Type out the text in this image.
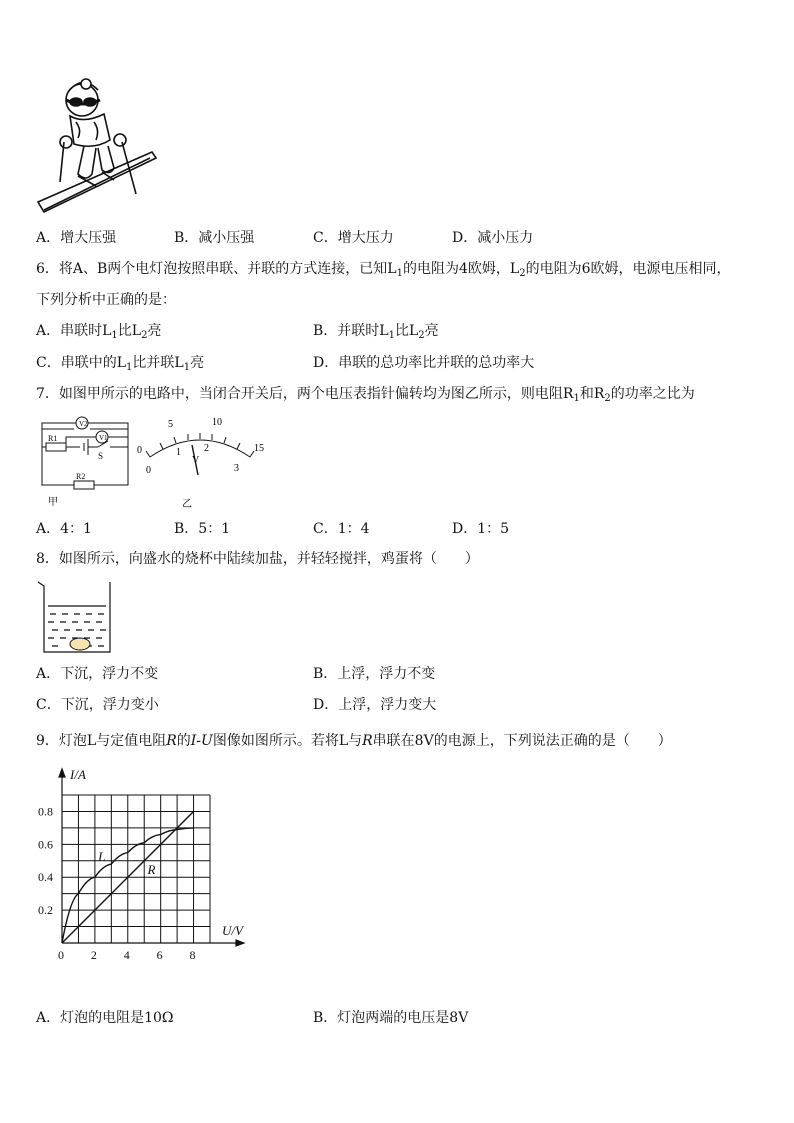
A．增大压强	B．减小压强	C．增大压力	D．减小压力
6．将A、B两个电灯泡按照串联、并联的方式连接，已知$L_1$的电阻为4欧姆，$L_2$的电阻为6欧姆，电源电压相同，
下列分析中正确的是：
A．串联时$L_1$比$L_2$亮	B．并联时$L_1$比$L_2$亮
C．串联中的$L_1$比并联$L_1$亮	D．串联的总功率比并联的总功率大
7．如图甲所示的电路中，当闭合开关后，两个电压表指针偏转均为图乙所示，则电阻$R_1$和$R_2$的功率之比为
V2
V1
R1
R2
S
甲
0
5	10
15
0
1 2
3
V
乙
A．4：1	B．5：1	C．1：4	D．1：5
8．如图所示，向盛水的烧杯中陆续加盐，并轻轻搅拌，鸡蛋将（　　）
A．下沉，浮力不变	B．上浮，浮力不变
C．下沉，浮力变小	D．上浮，浮力变大
9．灯泡L与定值电阻R的I-U图像如图所示。若将L与R串联在8V的电源上，下列说法正确的是（　　）
L
R
0 2 4 6 8
0.2
0.4
0.6
0.8
U/V
I/A
A．灯泡的电阻是10Ω	B．灯泡两端的电压是8V
